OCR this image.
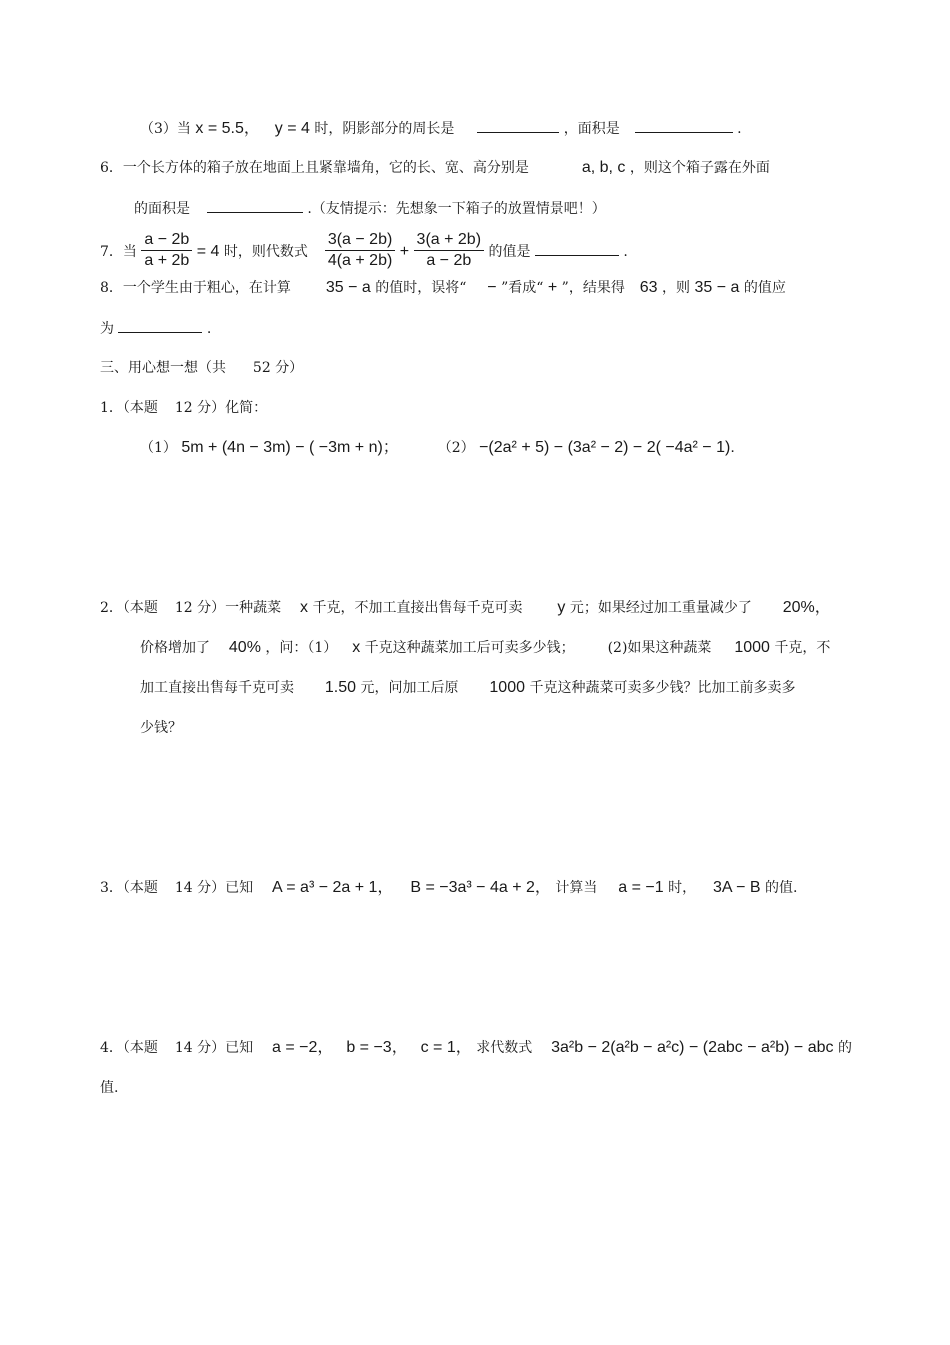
（3）当 x = 5.5， y = 4 时，阴影部分的周长是	，面积是	.
6．一个长方体的箱子放在地面上且紧靠墙角，它的长、宽、高分别是	a, b, c ，则这个箱子露在外面
的面积是	.（友情提示：先想象一下箱子的放置情景吧！）
7．当 $\frac{a - 2b}{a + 2b} = 4$ 时，则代数式 $\frac{3(a - 2b)}{4(a + 2b)} + \frac{3(a + 2b)}{a - 2b}$ 的值是	.
8．一个学生由于粗心，在计算 35 − a 的值时，误将“ − ”看成“ + ”，结果得 63 ，则 35 − a 的值应
为	.
三、用心想一想（共 52 分）
1．（本题 12 分）化简：
（1） 5m + (4n − 3m) − ( −3m + n)；	（2） −(2a² + 5) − (3a² − 2) − 2( −4a² − 1).
2．（本题 12 分）一种蔬菜 x 千克，不加工直接出售每千克可卖 y 元；如果经过加工重量减少了 20%，
价格增加了 40% ，问：（1） x 千克这种蔬菜加工后可卖多少钱； (2)如果这种蔬菜 1000 千克，不
加工直接出售每千克可卖 1.50 元，问加工后原 1000 千克这种蔬菜可卖多少钱？比加工前多卖多
少钱？
3．（本题 14 分）已知 A = a³ − 2a + 1， B = −3a³ − 4a + 2， 计算当 a = −1 时， 3A − B 的值.
4．（本题 14 分）已知 a = −2， b = −3， c = 1， 求代数式 3a²b − 2(a²b − a²c) − (2abc − a²b) − abc 的
值.
